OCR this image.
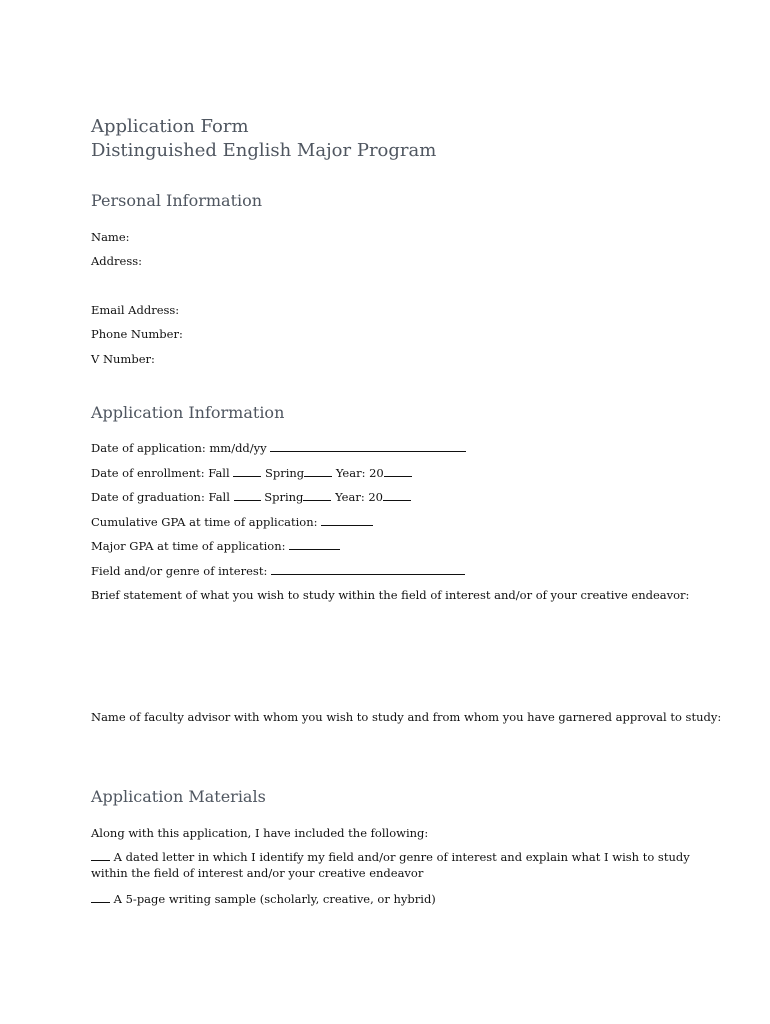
Application Form
Distinguished English Major Program
Personal Information
Name:
Address:
Email Address:
Phone Number:
V Number:
Application Information
Date of application: mm/dd/yy
Date of enrollment: Fall	Spring	Year: 20
Date of graduation: Fall	Spring	Year: 20
Cumulative GPA at time of application:
Major GPA at time of application:
Field and/or genre of interest:
Brief statement of what you wish to study within the field of interest and/or of your creative endeavor:
Name of faculty advisor with whom you wish to study and from whom you have garnered approval to study:
Application Materials
Along with this application, I have included the following:
A dated letter in which I identify my field and/or genre of interest and explain what I wish to study within the field of interest and/or your creative endeavor
A 5-page writing sample (scholarly, creative, or hybrid)
